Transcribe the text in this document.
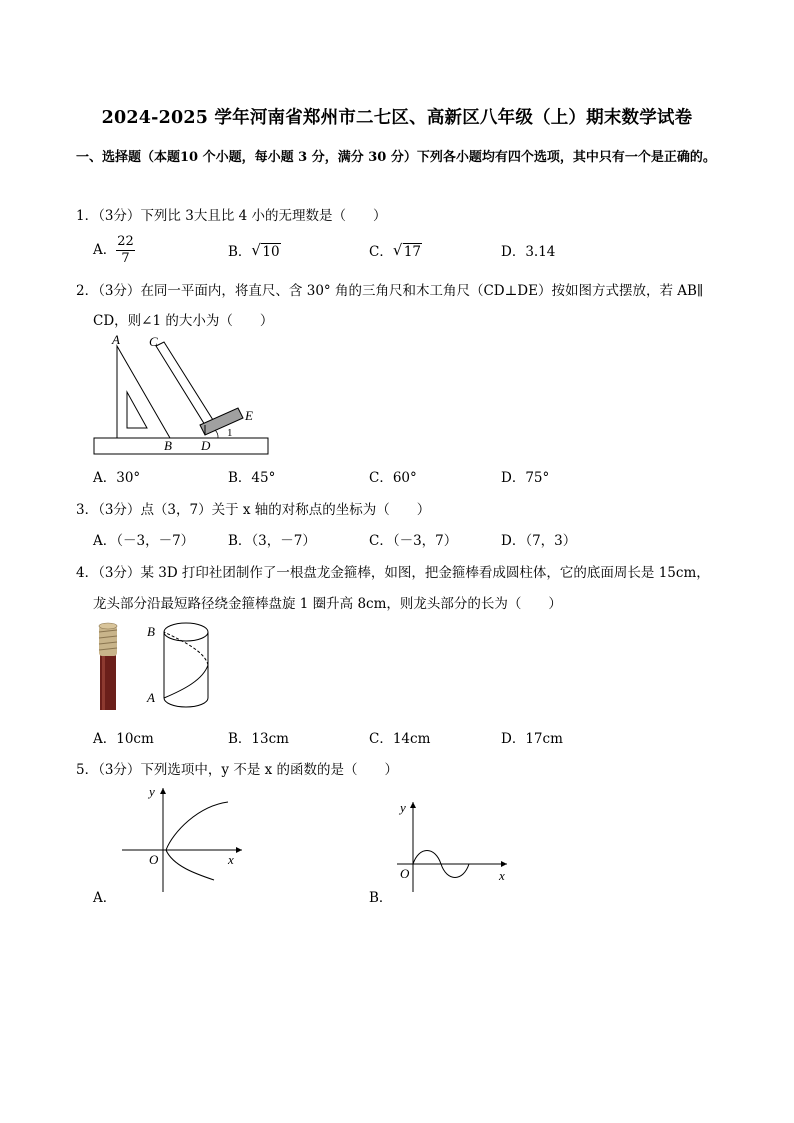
2024-2025 学年河南省郑州市二七区、高新区八年级（上）期末数学试卷
一、选择题（本题10 个小题，每小题 3 分，满分 30 分）下列各小题均有四个选项，其中只有一个是正确的。
1．（3分）下列比 3大且比 4 小的无理数是（　　）
A． $\frac{22}{7}$	B． √ 10	C． √ 17	D．3.14
2．（3分）在同一平面内，将直尺、含 30° 角的三角尺和木工角尺（CD⊥DE）按如图方式摆放，若 AB∥
CD，则∠1 的大小为（　　）
A C
E
B D
1
A．30°	B．45°	C．60°	D．75°
3．（3分）点（3，7）关于 x 轴的对称点的坐标为（　　）
A．（－3，－7）	B．（3，－7）	C．（－3，7）	D．（7，3）
4．（3分）某 3D 打印社团制作了一根盘龙金箍棒，如图，把金箍棒看成圆柱体，它的底面周长是 15cm，
龙头部分沿最短路径绕金箍棒盘旋 1 圈升高 8cm，则龙头部分的长为（　　）
B
A
A．10cm	B．13cm	C．14cm	D．17cm
5．（3分）下列选项中，y 不是 x 的函数的是（　　）
y
x
O
A．
y
x
O
B．
